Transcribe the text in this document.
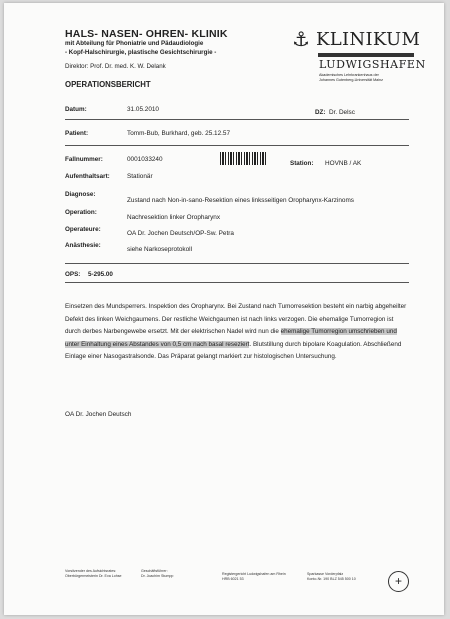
HALS- NASEN- OHREN- KLINIK
mit Abteilung für Phoniatrie und Pädaudiologie
- Kopf-Halschirurgie, plastische Gesichtschirurgie -
Direktor: Prof. Dr. med. K. W. Delank
OPERATIONSBERICHT
⚓ KLINIKUM
LUDWIGSHAFEN
Akademisches Lehrkrankenhaus der
Johannes Gutenberg-Universität Mainz
Datum:	31.05.2010	DZ: Dr. Delsc
Patient:	Tomm-Bub, Burkhard, geb. 25.12.57
Fallnummer:	0001033240
Station: HOVNB / AK
Aufenthaltsart:	Stationär
Diagnose:
Zustand nach Non-in-sano-Resektion eines linksseitigen Oropharynx-Karzinoms
Operation:
Nachresektion linker Oropharynx
Operateure:
OA Dr. Jochen Deutsch/OP-Sw. Petra
Anästhesie:
siehe Narkoseprotokoll
OPS: 5-295.00
Einsetzen des Mundsperrers. Inspektion des Oropharynx. Bei Zustand nach Tumorresektion besteht ein narbig abgeheilter Defekt des linken Weichgaumens. Der restliche Weichgaumen ist nach links verzogen. Die ehemalige Tumorregion ist durch derbes Narbengewebe ersetzt. Mit der elektrischen Nadel wird nun die ehemalige Tumorregion umschrieben und unter Einhaltung eines Abstandes von 0,5 cm nach basal reseziert. Blutstillung durch bipolare Koagulation. Abschließend Einlage einer Nasogastralsonde. Das Präparat gelangt markiert zur histologischen Untersuchung.
OA Dr. Jochen Deutsch
Vorsitzender des Aufsichtsrates:
Oberbürgermeisterin Dr. Eva Lohse
Geschäftsführer:
Dr. Joachim Stumpp	Registergericht Ludwigshafen am Rhein
HRB 6021 53
Sparkasse Vorderpfalz
Konto-Nr. 190 BLZ 545 500 10	+
